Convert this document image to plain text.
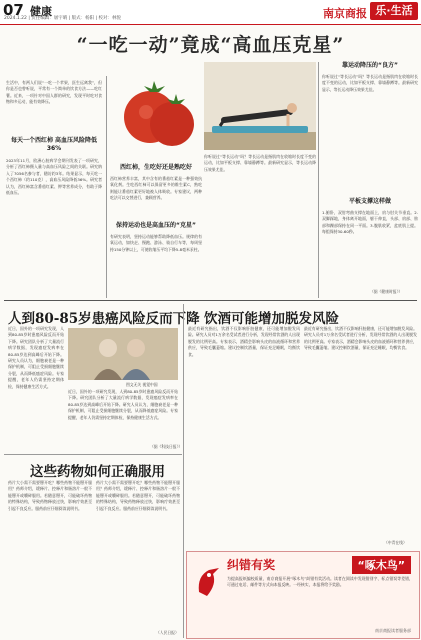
07 健康
2024.1.22 | 责任编辑：屠宇晴 | 版式：杨阳 | 校对：林悦	南京商报 乐·生活
“一吃一动”竟成“高血压克星”
生活中，有两人们说“一吃一个苹果，医生远离我”，但你是否也曾听说，平常有一个简单的饮食方法——吃红薯。近来，一项针对中国人群的研究，发现平时吃对食物和多运动，能有效降压。
每天一个西红柿 高血压风险降低36%
2023年11月，欧洲心脏病学会期刊发表了一项研究，分析了西红柿摄入量与高血压风险之间的关联。研究纳入了7056名参与者，随访约3年。结果显示，每天吃一个西红柿（约110克），高血压风险降低36%。研究者认为，西红柿富含番茄红素、钾等营养成分，有助于降低血压。
西红柿，生吃好还是熟吃好
西红柿营养丰富，其中含有的番茄红素是一种强效抗氧化剂。生吃西红柿可以保留更多的维生素C，熟吃则能让番茄红素更好地被人体吸收。专家建议，两种吃法可以交替进行，兼顾营养。
保持运动也是高血压的“克星”
有研究表明，坚持运动能够帮助降低血压。规律的有氧运动，如快走、慢跑、游泳、骑自行车等，每周坚持150分钟以上，可使收缩压平均下降5-8毫米汞柱。
靠运动降压的“良方”
你听说过“等长运动”吗？等长运动是指肌肉在收缩时长度不变的运动，比如平板支撑、靠墙静蹲等。最新研究显示，等长运动降压效果尤佳。
你听说过“等长运动”吗？等长运动是指肌肉在收缩时长度不变的运动，比如平板支撑、靠墙静蹲等。最新研究显示，等长运动降压效果尤佳。
平板支撑这样做
1.俯卧，双肘弯曲支撑在地面上，肩与肘关节垂直。2.双脚踩地，身体离开地面，躯干伸直，头部、肩部、胯部和踝部保持在同一平面。3.腹肌收紧，盆底肌上提。每组保持30-60秒。
（据《健康时报》）
人到80-85岁患癌风险反而下降
近日，国外的一项研究发现，人到80-85岁时患癌风险反而开始下降。研究团队分析了大量流行病学数据，发现癌症发病率在80-85岁达到高峰后开始下降。研究人员认为，细胞衰老是一种保护机制，可阻止受损细胞继续分裂，从而降低癌症风险。专家提醒，老年人仍需坚持定期体检，保持健康生活方式。	图文无关 视觉中国
近日，国外的一项研究发现，人到80-85岁时患癌风险反而开始下降。研究团队分析了大量流行病学数据，发现癌症发病率在80-85岁达到高峰后开始下降。研究人员认为，细胞衰老是一种保护机制，可阻止受损细胞继续分裂，从而降低癌症风险。专家提醒，老年人仍需坚持定期体检，保持健康生活方式。
（据《科技日报》）
这些药物如何正确服用
药片大小需不需要掰开吃？哪些药物不能掰开服用？药师介绍，缓释片、控释片和肠溶片一般不能掰开或嚼碎服用。若随意掰开，可能破坏药物的特殊结构，导致药物释放过快，影响疗效甚至引起不良反应。服药前应仔细阅读说明书。
药片大小需不需要掰开吃？哪些药物不能掰开服用？药师介绍，缓释片、控释片和肠溶片一般不能掰开或嚼碎服用。若随意掰开，可能破坏药物的特殊结构，导致药物释放过快，影响疗效甚至引起不良反应。服药前应仔细阅读说明书。
（人民日报）
饮酒可能增加脱发风险
最近有研究指出，饮酒不仅影响肝脏健康，还可能增加脱发风险。研究人员对1万余名受试者进行分析，发现经常饮酒的人出现脱发的比例更高。专家表示，酒精会影响头皮的血液循环和营养供应，导致毛囊萎缩。建议控制饮酒量，保证充足睡眠，均衡饮食。
最近有研究指出，饮酒不仅影响肝脏健康，还可能增加脱发风险。研究人员对1万余名受试者进行分析，发现经常饮酒的人出现脱发的比例更高。专家表示，酒精会影响头皮的血液循环和营养供应，导致毛囊萎缩。建议控制饮酒量，保证充足睡眠，均衡饮食。
（中青在线）
纠错有奖	“啄木鸟”
为提高报纸编校质量，南京商报开展“啄木鸟”纠错有奖活动。读者在阅读中发现错别字、标点错误等差错，可通过电话、邮件等方式向本报反映。一经核实，本报将给予奖励。
南京商报读者服务部
